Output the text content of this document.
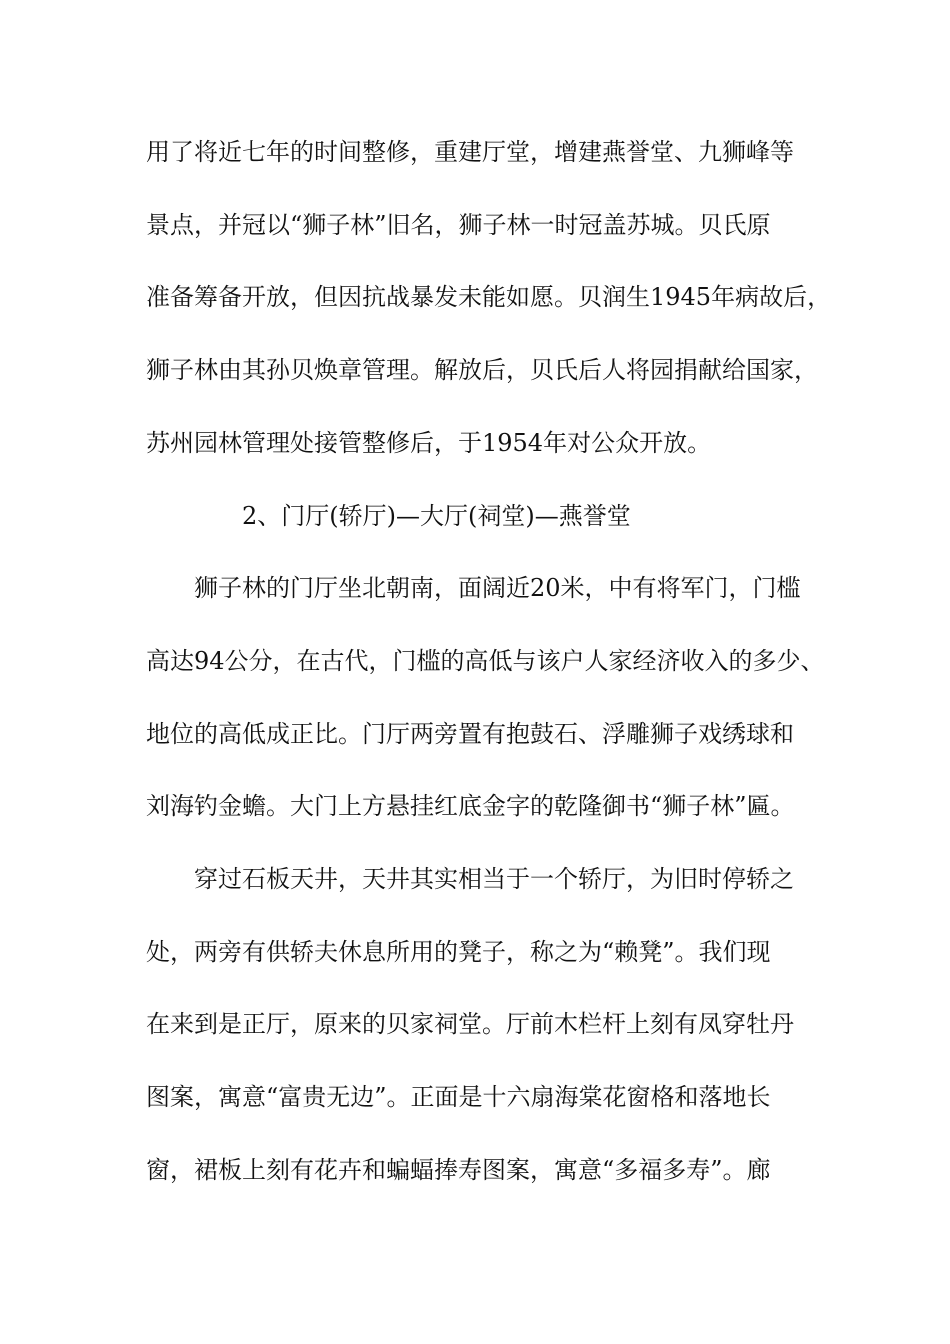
用了将近七年的时间整修，重建厅堂，增建燕誉堂、九狮峰等
景点，并冠以“狮子林”旧名，狮子林一时冠盖苏城。贝氏原
准备筹备开放，但因抗战暴发未能如愿。贝润生1945年病故后，
狮子林由其孙贝焕章管理。解放后，贝氏后人将园捐献给国家，
苏州园林管理处接管整修后，于1954年对公众开放。
2、门厅(轿厅)—大厅(祠堂)—燕誉堂
狮子林的门厅坐北朝南，面阔近20米，中有将军门，门槛
高达94公分，在古代，门槛的高低与该户人家经济收入的多少、
地位的高低成正比。门厅两旁置有抱鼓石、浮雕狮子戏绣球和
刘海钓金蟾。大门上方悬挂红底金字的乾隆御书“狮子林”匾。
穿过石板天井，天井其实相当于一个轿厅，为旧时停轿之
处，两旁有供轿夫休息所用的凳子，称之为“赖凳”。我们现
在来到是正厅，原来的贝家祠堂。厅前木栏杆上刻有凤穿牡丹
图案，寓意“富贵无边”。正面是十六扇海棠花窗格和落地长
窗，裙板上刻有花卉和蝙蝠捧寿图案，寓意“多福多寿”。廊
